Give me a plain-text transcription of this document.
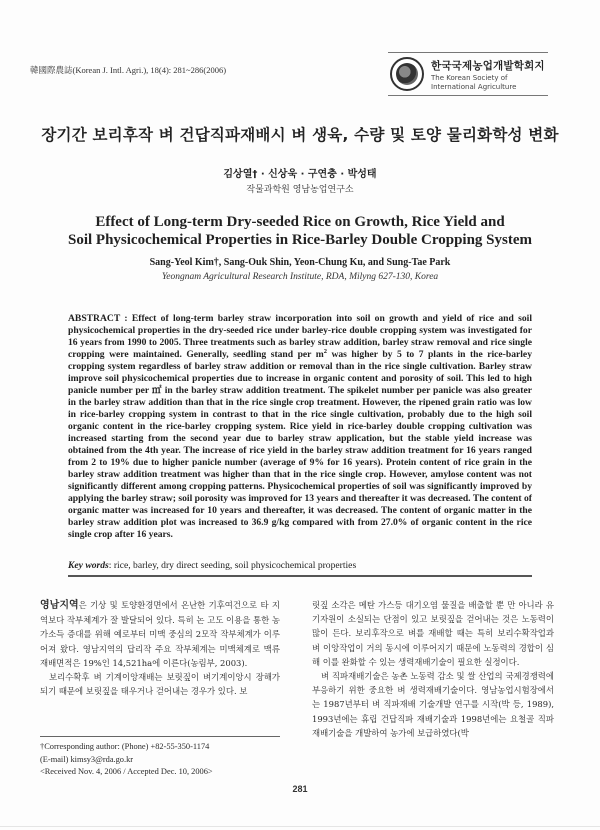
韓國際農誌(Korean J. Intl. Agri.), 18(4): 281~286(2006)	한국국제농업개발학회지
The Korean Society of International Agriculture
장기간 보리후작 벼 건답직파재배시 벼 생육, 수량 및 토양 물리화학성 변화
김상열† · 신상욱 · 구연충 · 박성태
작물과학원 영남농업연구소
Effect of Long-term Dry-seeded Rice on Growth, Rice Yield and
Soil Physicochemical Properties in Rice-Barley Double Cropping System
Sang-Yeol Kim†, Sang-Ouk Shin, Yeon-Chung Ku, and Sung-Tae Park
Yeongnam Agricultural Research Institute, RDA, Milyng 627-130, Korea
ABSTRACT : Effect of long-term barley straw incorporation into soil on growth and yield of rice and soil physicochemical properties in the dry-seeded rice under barley-rice double cropping system was investigated for 16 years from 1990 to 2005. Three treatments such as barley straw addition, barley straw removal and rice single cropping were maintained. Generally, seedling stand per $m^2$ was higher by 5 to 7 plants in the rice-barley cropping system regardless of barley straw addition or removal than in the rice single cultivation. Barley straw improve soil physicochemical properties due to increase in organic content and porosity of soil. This led to high panicle number per ㎡ in the barley straw addition treatment. The spikelet number per panicle was also greater in the barley straw addition than that in the rice single crop treatment. However, the ripened grain ratio was low in rice-barley cropping system in contrast to that in the rice single cultivation, probably due to the high soil organic content in the rice-barley cropping system. Rice yield in rice-barley double cropping cultivation was increased starting from the second year due to barley straw application, but the stable yield increase was obtained from the 4th year. The increase of rice yield in the barley straw addition treatment for 16 years ranged from 2 to 19% due to higher panicle number (average of 9% for 16 years). Protein content of rice grain in the barley straw addition treatment was higher than that in the rice single crop. However, amylose content was not significantly different among cropping patterns. Physicochemical properties of soil was significantly improved by applying the barley straw; soil porosity was improved for 13 years and thereafter it was decreased. The content of organic matter was increased for 10 years and thereafter, it was decreased. The content of organic matter in the barley straw addition plot was increased to 36.9 g/kg compared with from 27.0% of organic content in the rice single crop after 16 years.
Key words: rice, barley, dry direct seeding, soil physicochemical properties

영남지역은 기상 및 토양환경면에서 온난한 기후여건으로 타 지역보다 작부체계가 잘 발달되어 있다. 특히 논 고도 이용을 통한 농가소득 증대를 위해 예로부터 미맥 중심의 2모작 작부체계가 이루어져 왔다. 영남지역의 답리작 주요 작부체계는 미맥체계로 맥류 재배면적은 19%인 14,521ha에 이른다(농림부, 2003).

보리수확후 벼 기계이앙재배는 보릿짚이 벼기계이앙시 장해가 되기 때문에 보릿짚을 태우거나 걷어내는 경우가 있다. 보

릿짚 소각은 메탄 가스등 대기오염 물질을 배출할 뿐 만 아니라 유기자원이 소실되는 단점이 있고 보릿짚을 걷어내는 것은 노동력이 많이 든다. 보리후작으로 벼를 재배할 때는 특히 보리수확작업과 벼 이앙작업이 거의 동시에 이루어지기 때문에 노동력의 경합이 심해 이를 완화할 수 있는 생력재배기술이 필요한 실정이다.

벼 직파재배기술은 농촌 노동력 감소 및 쌀 산업의 국제경쟁력에 부응하기 위한 중요한 벼 생력재배기술이다. 영남농업시험장에서는 1987년부터 벼 직파재배 기술개발 연구를 시작(박 등, 1989), 1993년에는 휴립 건답직파 재배기술과 1998년에는 요철골 직파재배기술을 개발하여 농가에 보급하였다(박

†Corresponding author: (Phone) +82-55-350-1174
(E-mail) kimsy3@rda.go.kr
<Received Nov. 4, 2006 / Accepted Dec. 10, 2006>
281
